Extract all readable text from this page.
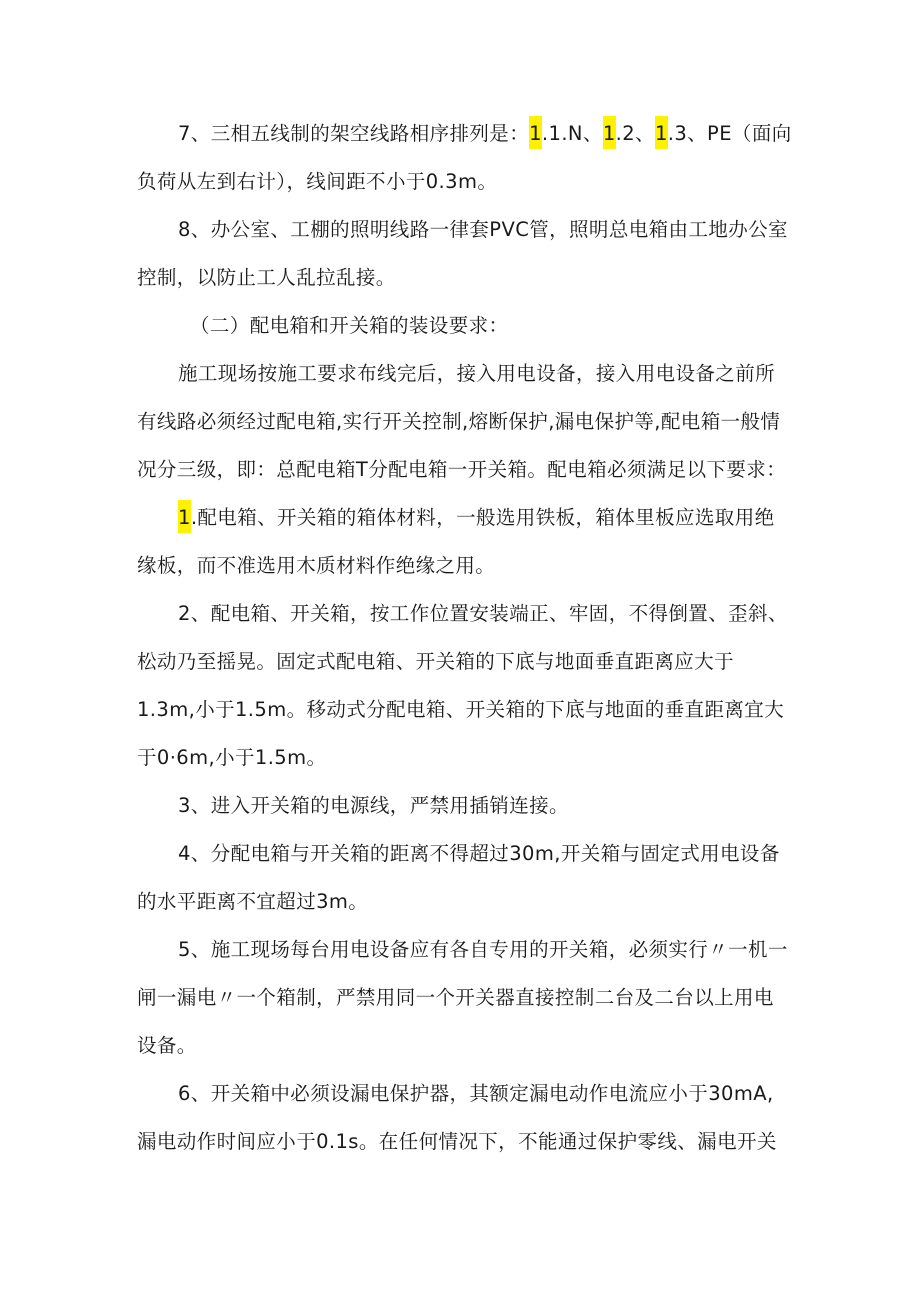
7、三相五线制的架空线路相序排列是：1.1.N、1.2、1.3、PE（面向
负荷从左到右计），线间距不小于0.3m。
8、办公室、工棚的照明线路一律套PVC管，照明总电箱由工地办公室
控制，以防止工人乱拉乱接。
（二）配电箱和开关箱的装设要求：
施工现场按施工要求布线完后，接入用电设备，接入用电设备之前所
有线路必须经过配电箱,实行开关控制,熔断保护,漏电保护等,配电箱一般情
况分三级，即：总配电箱T分配电箱一开关箱。配电箱必须满足以下要求：
1.配电箱、开关箱的箱体材料，一般选用铁板，箱体里板应选取用绝
缘板，而不准选用木质材料作绝缘之用。
2、配电箱、开关箱，按工作位置安装端正、牢固，不得倒置、歪斜、
松动乃至摇晃。固定式配电箱、开关箱的下底与地面垂直距离应大于
1.3m,小于1.5m。移动式分配电箱、开关箱的下底与地面的垂直距离宜大
于0·6m,小于1.5m。
3、进入开关箱的电源线，严禁用插销连接。
4、分配电箱与开关箱的距离不得超过30m,开关箱与固定式用电设备
的水平距离不宜超过3m。
5、施工现场每台用电设备应有各自专用的开关箱，必须实行〃一机一
闸一漏电〃一个箱制，严禁用同一个开关器直接控制二台及二台以上用电
设备。
6、开关箱中必须设漏电保护器，其额定漏电动作电流应小于30mA,
漏电动作时间应小于0.1s。在任何情况下，不能通过保护零线、漏电开关
